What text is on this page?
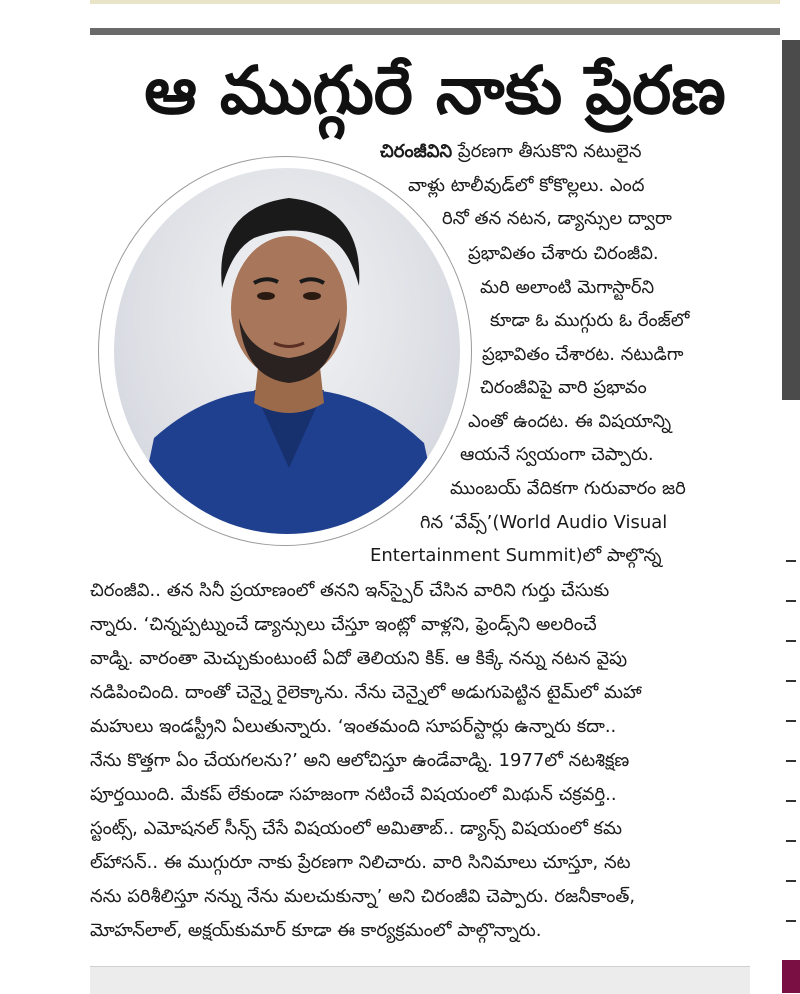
ఆ ముగ్గురే నాకు ప్రేరణ
చిరంజీవిని ప్రేరణగా తీసుకొని నటులైన
వాళ్లు టాలీవుడ్‌లో కోకొల్లలు. ఎంద
రినో తన నటన, డ్యాన్సుల ద్వారా
ప్రభావితం చేశారు చిరంజీవి.
మరి అలాంటి మెగాస్టార్‌ని
కూడా ఓ ముగ్గురు ఓ రేంజ్‌లో
ప్రభావితం చేశారట. నటుడిగా
చిరంజీవిపై వారి ప్రభావం
ఎంతో ఉందట. ఈ విషయాన్ని
ఆయనే స్వయంగా చెప్పారు.
ముంబయ్ వేదికగా గురువారం జరి
గిన ‘వేవ్స్’(World Audio Visual
Entertainment Summit)లో పాల్గొన్న
చిరంజీవి.. తన సినీ ప్రయాణంలో తనని ఇన్‌స్పైర్ చేసిన వారిని గుర్తు చేసుకు
న్నారు. ‘చిన్నప్పట్నుంచే డ్యాన్సులు చేస్తూ ఇంట్లో వాళ్లని, ఫ్రెండ్స్‌ని అలరించే
వాడ్ని. వారంతా మెచ్చుకుంటుంటే ఏదో తెలియని కిక్. ఆ కిక్కే నన్ను నటన వైపు
నడిపించింది. దాంతో చెన్నై రైలెక్కాను. నేను చెన్నైలో అడుగుపెట్టిన టైమ్‌లో మహా
మహులు ఇండస్ట్రీని ఏలుతున్నారు. ‘ఇంతమంది సూపర్‌స్టార్లు ఉన్నారు కదా..
నేను కొత్తగా ఏం చేయగలను?’ అని ఆలోచిస్తూ ఉండేవాడ్ని. 1977లో నటశిక్షణ
పూర్తయింది. మేకప్ లేకుండా సహజంగా నటించే విషయంలో మిథున్ చక్రవర్తి..
స్టంట్స్, ఎమోషనల్ సీన్స్ చేసే విషయంలో అమితాబ్.. డ్యాన్స్ విషయంలో కమ
ల్‌హాసన్.. ఈ ముగ్గురూ నాకు ప్రేరణగా నిలిచారు. వారి సినిమాలు చూస్తూ, నట
నను పరిశీలిస్తూ నన్ను నేను మలచుకున్నా’ అని చిరంజీవి చెప్పారు. రజనీకాంత్,
మోహన్‌లాల్, అక్షయ్‌కుమార్ కూడా ఈ కార్యక్రమంలో పాల్గొన్నారు.
